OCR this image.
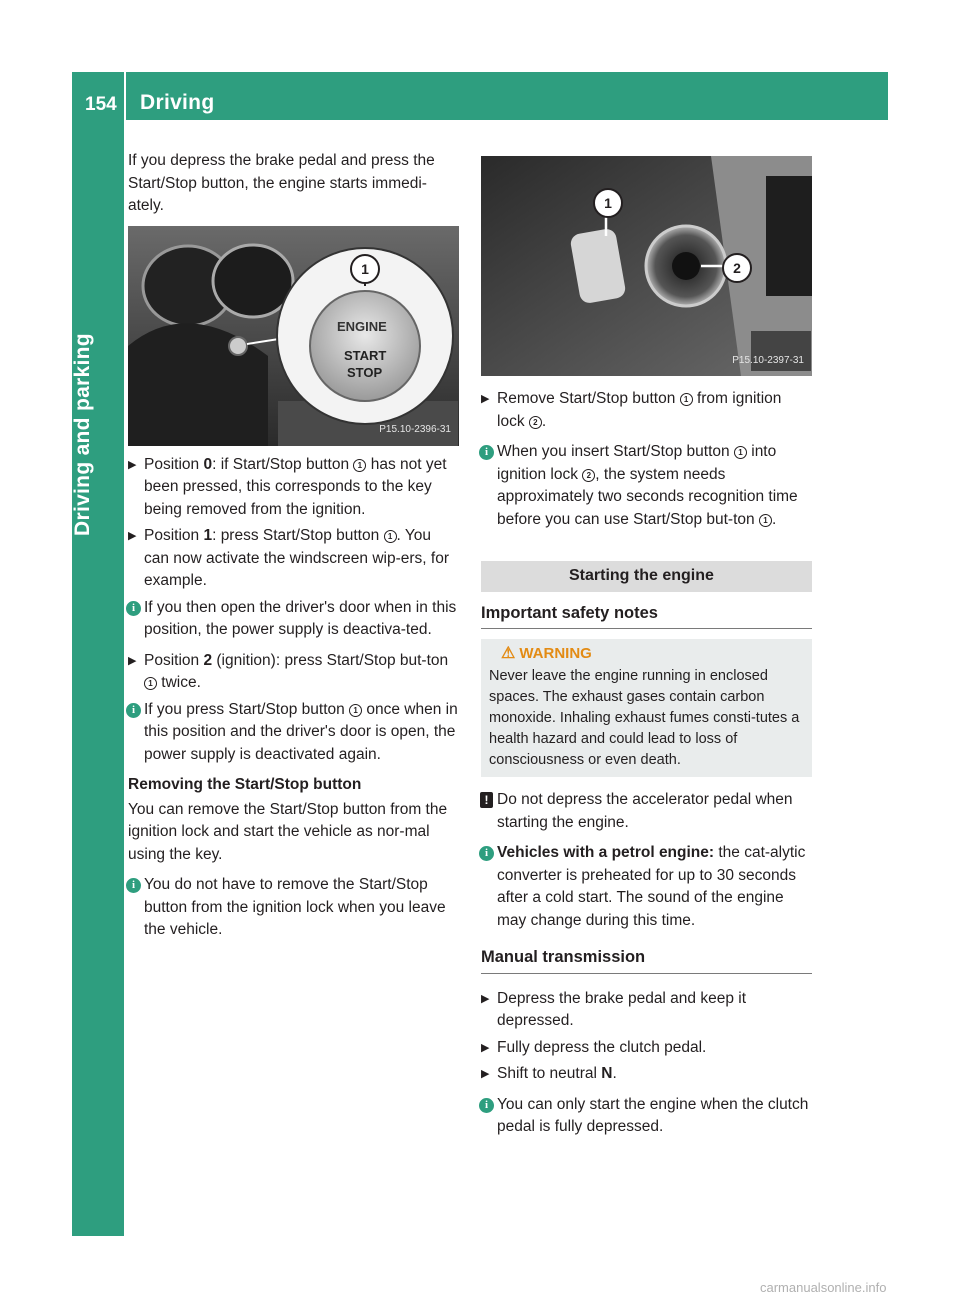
154 Driving
Driving and parking

If you depress the brake pedal and press the Start/Stop button, the engine starts immedi-ately.

ENGINE
START
STOP
1
P15.10-2396-31
▶ Position 0: if Start/Stop button 1 has not yet been pressed, this corresponds to the key being removed from the ignition.
▶ Position 1: press Start/Stop button 1 . You can now activate the windscreen wip-ers, for example.
i If you then open the driver's door when in this position, the power supply is deactiva-ted.
▶ Position 2 (ignition): press Start/Stop but-ton 1 twice.
i If you press Start/Stop button 1 once when in this position and the driver's door is open, the power supply is deactivated again.
Removing the Start/Stop button

You can remove the Start/Stop button from the ignition lock and start the vehicle as nor-mal using the key.

i You do not have to remove the Start/Stop button from the ignition lock when you leave the vehicle.
1
2
P15.10-2397-31
▶ Remove Start/Stop button 1 from ignition lock 2 .
i When you insert Start/Stop button 1 into ignition lock 2 , the system needs approximately two seconds recognition time before you can use Start/Stop but-ton 1 .
Starting the engine
Important safety notes
⚠ WARNING
Never leave the engine running in enclosed spaces. The exhaust gases contain carbon monoxide. Inhaling exhaust fumes consti-tutes a health hazard and could lead to loss of consciousness or even death.
! Do not depress the accelerator pedal when starting the engine.
i Vehicles with a petrol engine: the cat-alytic converter is preheated for up to 30 seconds after a cold start. The sound of the engine may change during this time.
Manual transmission
▶ Depress the brake pedal and keep it depressed.
▶ Fully depress the clutch pedal.
▶ Shift to neutral N.
i You can only start the engine when the clutch pedal is fully depressed.
carmanualsonline.info
